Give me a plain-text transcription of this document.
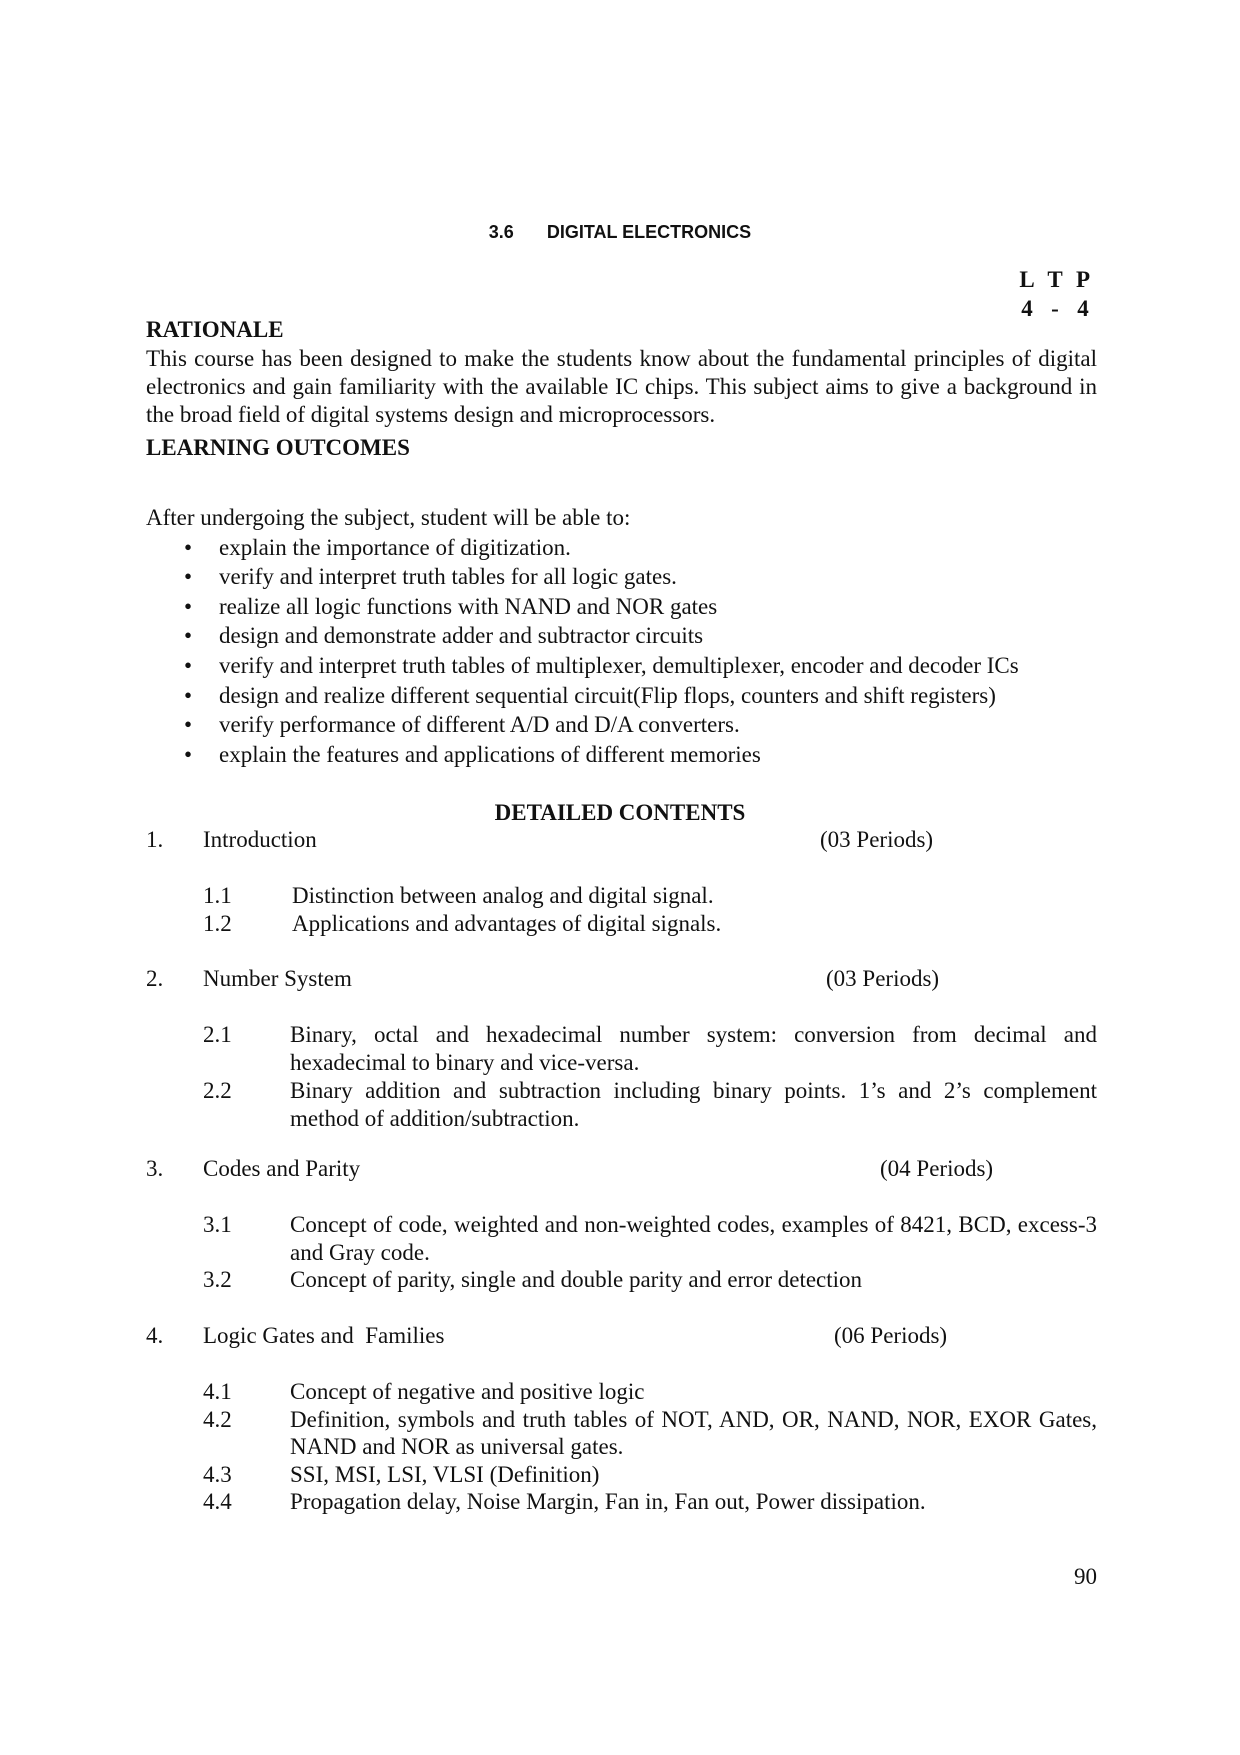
3.6 DIGITAL ELECTRONICS
L T P
4 - 4
RATIONALE
This course has been designed to make the students know about the fundamental principles of digital electronics and gain familiarity with the available IC chips. This subject aims to give a background in the broad field of digital systems design and microprocessors.
LEARNING OUTCOMES
After undergoing the subject, student will be able to:
• explain the importance of digitization.
• verify and interpret truth tables for all logic gates.
• realize all logic functions with NAND and NOR gates
• design and demonstrate adder and subtractor circuits
• verify and interpret truth tables of multiplexer, demultiplexer, encoder and decoder ICs
• design and realize different sequential circuit(Flip flops, counters and shift registers)
• verify performance of different A/D and D/A converters.
• explain the features and applications of different memories
DETAILED CONTENTS
1. Introduction	(03 Periods)
1.1	Distinction between analog and digital signal.
1.2	Applications and advantages of digital signals.
2. Number System	(03 Periods)
2.1	Binary, octal and hexadecimal number system: conversion from decimal and hexadecimal to binary and vice-versa.
2.2	Binary addition and subtraction including binary points. 1’s and 2’s complement method of addition/subtraction.
3. Codes and Parity	(04 Periods)
3.1	Concept of code, weighted and non-weighted codes, examples of 8421, BCD, excess-3 and Gray code.
3.2	Concept of parity, single and double parity and error detection
4. Logic Gates and  Families	(06 Periods)
4.1	Concept of negative and positive logic
4.2	Definition, symbols and truth tables of NOT, AND, OR, NAND, NOR, EXOR Gates, NAND and NOR as universal gates.
4.3	SSI, MSI, LSI, VLSI (Definition)
4.4	Propagation delay, Noise Margin, Fan in, Fan out, Power dissipation.
90
